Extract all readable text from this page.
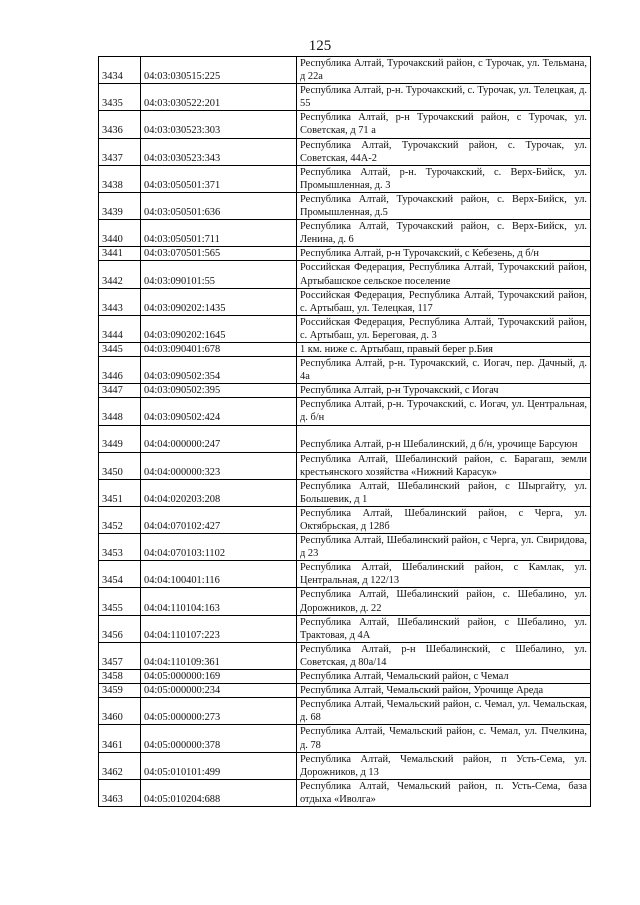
125
3434	04:03:030515:225	Республика Алтай, Турочакский район, с Турочак, ул. Тельмана, д 22а
3435	04:03:030522:201	Республика Алтай, р-н. Турочакский, с. Турочак, ул. Телецкая, д. 55
3436	04:03:030523:303	Республика Алтай, р-н Турочакский район, с Турочак, ул. Советская, д 71 а
3437	04:03:030523:343	Республика Алтай, Турочакский район, с. Турочак, ул. Советская, 44А-2
3438	04:03:050501:371	Республика Алтай, р-н. Турочакский, с. Верх-Бийск, ул. Промышленная, д. 3
3439	04:03:050501:636	Республика Алтай, Турочакский район, с. Верх-Бийск, ул. Промышленная, д.5
3440	04:03:050501:711	Республика Алтай, Турочакский район, с. Верх-Бийск, ул. Ленина, д. 6
3441	04:03:070501:565	Республика Алтай, р-н Турочакский, с Кебезень, д б/н
3442	04:03:090101:55	Российская Федерация, Республика Алтай, Турочакский район, Артыбашское сельское поселение
3443	04:03:090202:1435	Российская Федерация, Республика Алтай, Турочакский район, с. Артыбаш, ул. Телецкая, 117
3444	04:03:090202:1645	Российская Федерация, Республика Алтай, Турочакский район, с. Артыбаш, ул. Береговая, д. 3
3445	04:03:090401:678	1 км. ниже с. Артыбаш, правый берег р.Бия
3446	04:03:090502:354	Республика Алтай, р-н. Турочакский, с. Иогач, пер. Дачный, д. 4а
3447	04:03:090502:395	Республика Алтай, р-н Турочакский, с Иогач
3448	04:03:090502:424	Республика Алтай, р-н. Турочакский, с. Иогач, ул. Центральная, д. б/н
3449	04:04:000000:247	Республика Алтай, р-н Шебалинский, д б/н, урочище Барсуюн
3450	04:04:000000:323	Республика Алтай, Шебалинский район, с. Барагаш, земли крестьянского хозяйства «Нижний Карасук»
3451	04:04:020203:208	Республика Алтай, Шебалинский район, с Шыргайту, ул. Большевик, д 1
3452	04:04:070102:427	Республика Алтай, Шебалинский район, с Черга, ул. Октябрьская, д 128б
3453	04:04:070103:1102	Республика Алтай, Шебалинский район, с Черга, ул. Свиридова, д 23
3454	04:04:100401:116	Республика Алтай, Шебалинский район, с Камлак, ул. Центральная, д 122/13
3455	04:04:110104:163	Республика Алтай, Шебалинский район, с. Шебалино, ул. Дорожников, д. 22
3456	04:04:110107:223	Республика Алтай, Шебалинский район, с Шебалино, ул. Трактовая, д 4А
3457	04:04:110109:361	Республика Алтай, р-н Шебалинский, с Шебалино, ул. Советская, д 80а/14
3458	04:05:000000:169	Республика Алтай, Чемальский район, с Чемал
3459	04:05:000000:234	Республика Алтай, Чемальский район, Урочище Ареда
3460	04:05:000000:273	Республика Алтай, Чемальский район, с. Чемал, ул. Чемальская, д. 68
3461	04:05:000000:378	Республика Алтай, Чемальский район, с. Чемал, ул. Пчелкина, д. 78
3462	04:05:010101:499	Республика Алтай, Чемальский район, п Усть-Сема, ул. Дорожников, д 13
3463	04:05:010204:688	Республика Алтай, Чемальский район, п. Усть-Сема, база отдыха «Иволга»
